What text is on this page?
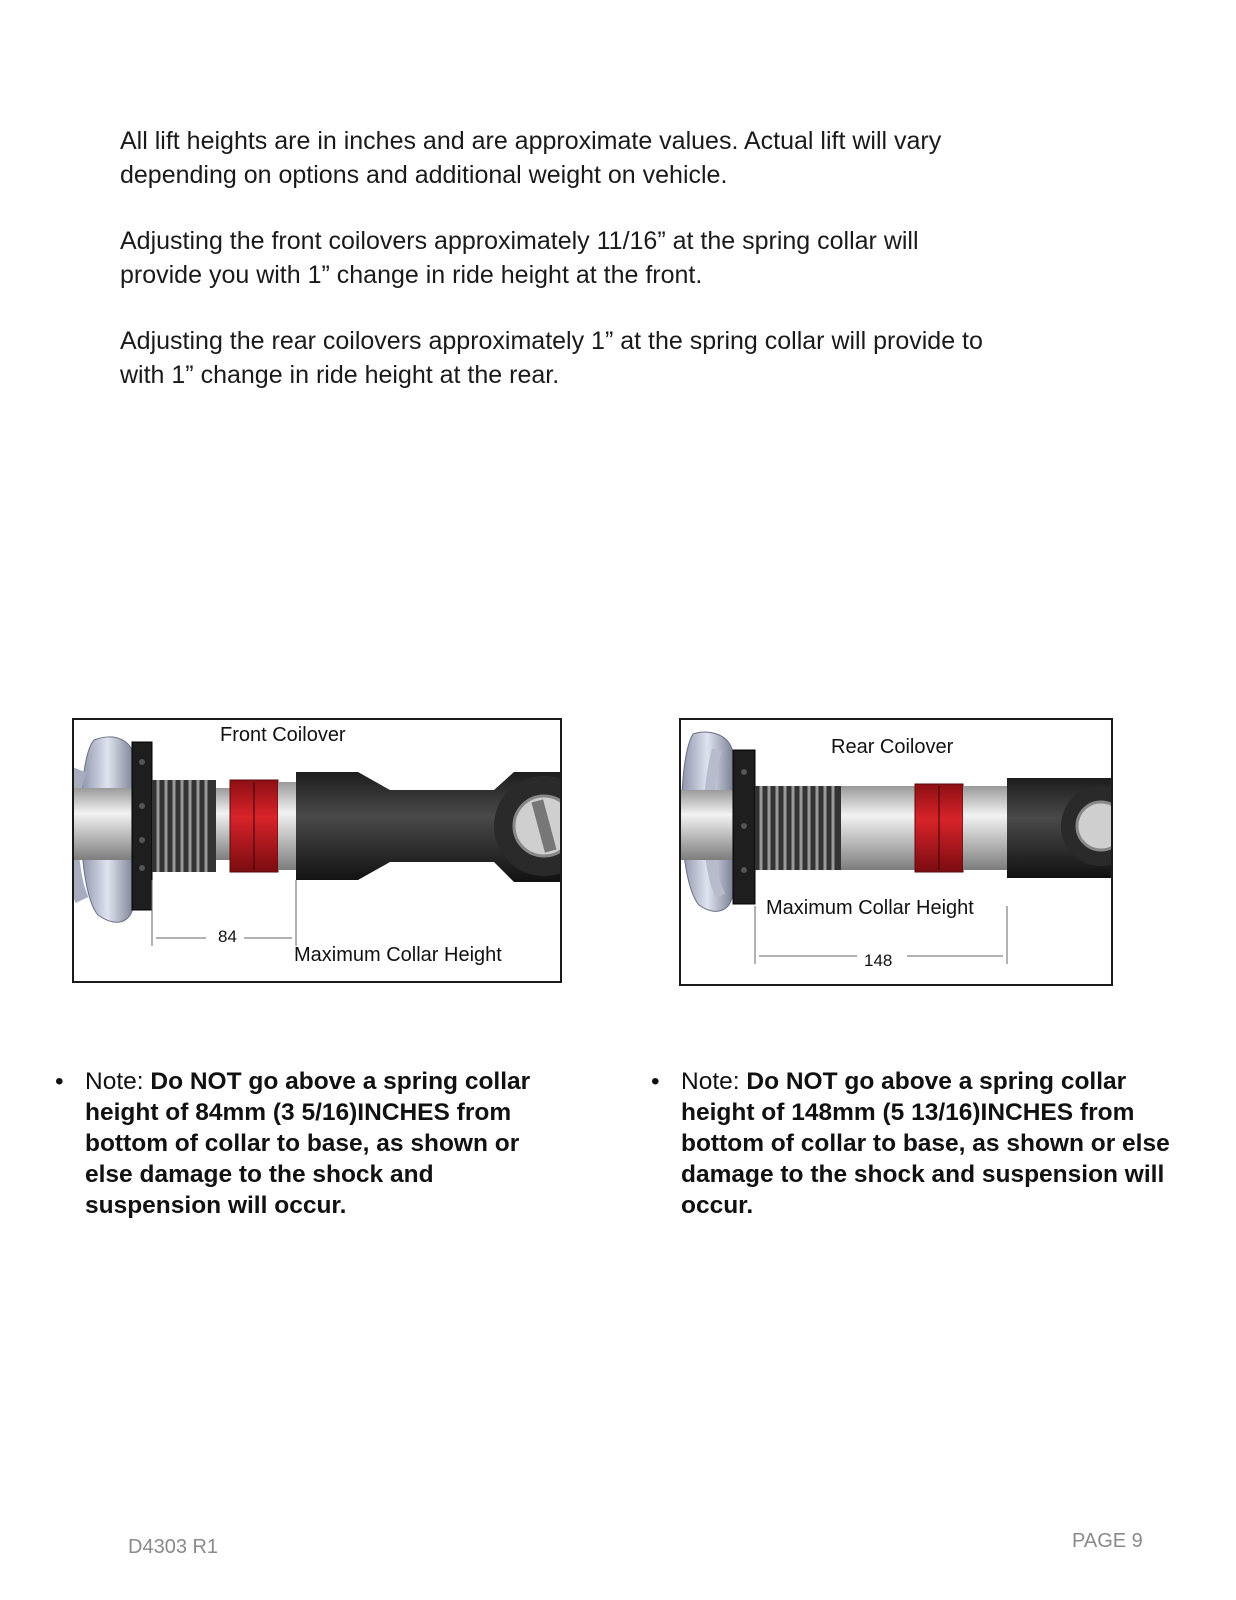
All lift heights are in inches and are approximate values. Actual lift will vary depending on options and additional weight on vehicle.

Adjusting the front coilovers approximately 11/16” at the spring collar will provide you with 1” change in ride height at the front.

Adjusting the rear coilovers approximately 1” at the spring collar will provide to with 1” change in ride height at the rear.

Front Coilover
84
Maximum Collar Height
Rear Coilover
Maximum Collar Height
148
• Note: Do NOT go above a spring collar height of 84mm (3 5/16)INCHES from bottom of collar to base, as shown or else damage to the shock and suspension will occur.
• Note: Do NOT go above a spring collar height of 148mm (5 13/16)INCHES from bottom of collar to base, as shown or else damage to the shock and suspension will occur.
D4303 R1	PAGE 9
